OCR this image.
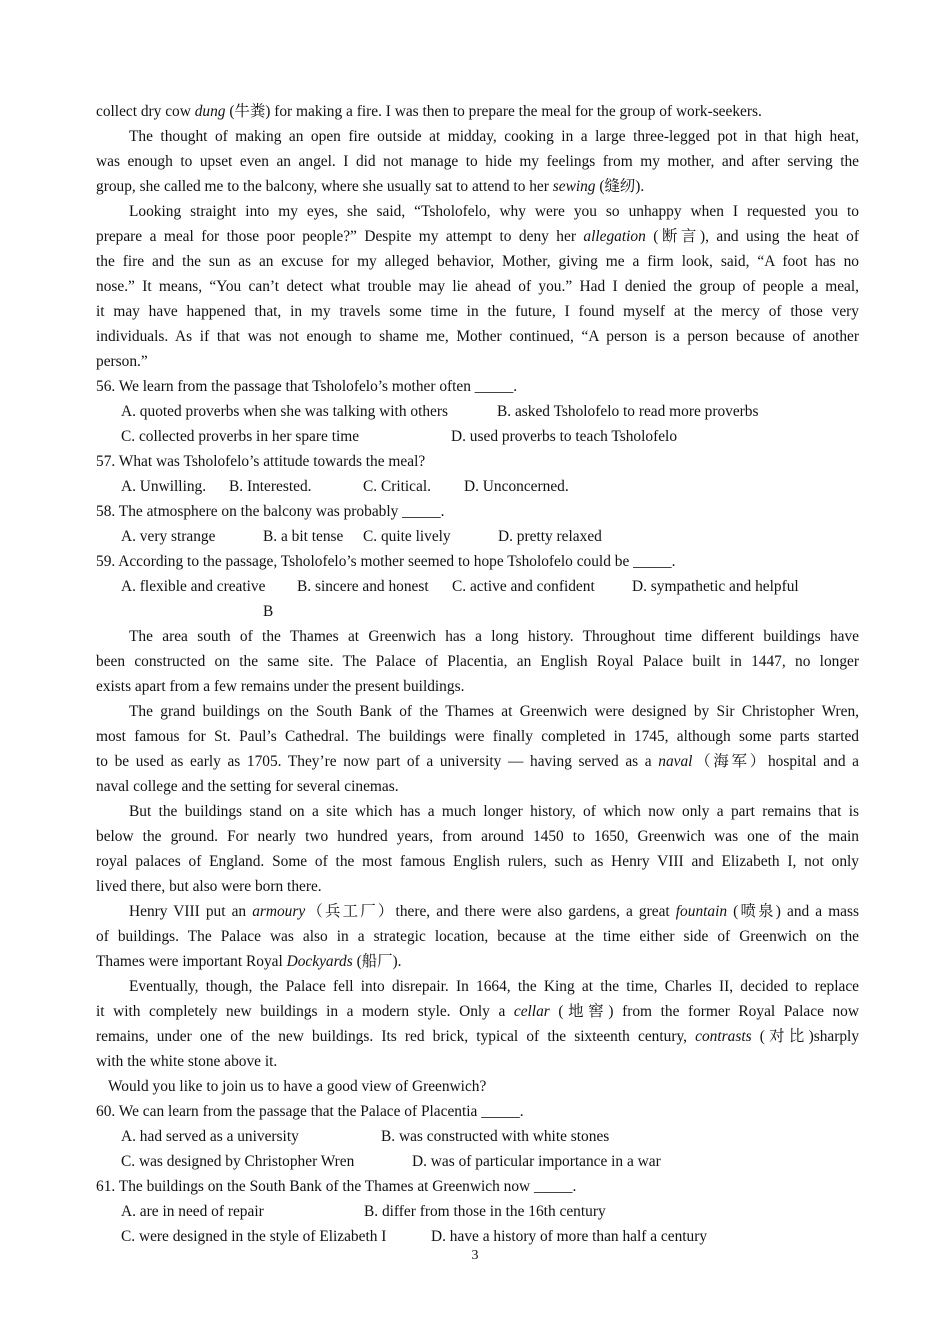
collect dry cow dung (牛粪) for making a fire. I was then to prepare the meal for the group of work-seekers.
The thought of making an open fire outside at midday, cooking in a large three-legged pot in that high heat,
was enough to upset even an angel. I did not manage to hide my feelings from my mother, and after serving the
group, she called me to the balcony, where she usually sat to attend to her sewing (缝纫).
Looking straight into my eyes, she said, “Tsholofelo, why were you so unhappy when I requested you to
prepare a meal for those poor people?” Despite my attempt to deny her allegation (断言), and using the heat of
the fire and the sun as an excuse for my alleged behavior, Mother, giving me a firm look, said, “A foot has no
nose.” It means, “You can’t detect what trouble may lie ahead of you.” Had I denied the group of people a meal,
it may have happened that, in my travels some time in the future, I found myself at the mercy of those very
individuals. As if that was not enough to shame me, Mother continued, “A person is a person because of another
person.”
56. We learn from the passage that Tsholofelo’s mother often _____.
A. quoted proverbs when she was talking with others	B. asked Tsholofelo to read more proverbs
C. collected proverbs in her spare time	D. used proverbs to teach Tsholofelo
57. What was Tsholofelo’s attitude towards the meal?
A. Unwilling. B. Interested.	C. Critical. D. Unconcerned.
58. The atmosphere on the balcony was probably _____.
A. very strange	B. a bit tense C. quite lively	D. pretty relaxed
59. According to the passage, Tsholofelo’s mother seemed to hope Tsholofelo could be _____.
A. flexible and creative B. sincere and honest C. active and confident D. sympathetic and helpful
B
The area south of the Thames at Greenwich has a long history. Throughout time different buildings have
been constructed on the same site. The Palace of Placentia, an English Royal Palace built in 1447, no longer
exists apart from a few remains under the present buildings.
The grand buildings on the South Bank of the Thames at Greenwich were designed by Sir Christopher Wren,
most famous for St. Paul’s Cathedral. The buildings were finally completed in 1745, although some parts started
to be used as early as 1705. They’re now part of a university — having served as a naval（海军）hospital and a
naval college and the setting for several cinemas.
But the buildings stand on a site which has a much longer history, of which now only a part remains that is
below the ground. For nearly two hundred years, from around 1450 to 1650, Greenwich was one of the main
royal palaces of England. Some of the most famous English rulers, such as Henry VIII and Elizabeth I, not only
lived there, but also were born there.
Henry VIII put an armoury（兵工厂）there, and there were also gardens, a great fountain (喷泉) and a mass
of buildings. The Palace was also in a strategic location, because at the time either side of Greenwich on the
Thames were important Royal Dockyards (船厂).
Eventually, though, the Palace fell into disrepair. In 1664, the King at the time, Charles II, decided to replace
it with completely new buildings in a modern style. Only a cellar (地窖) from the former Royal Palace now
remains, under one of the new buildings. Its red brick, typical of the sixteenth century, contrasts (对比)sharply
with the white stone above it.
Would you like to join us to have a good view of Greenwich?
60. We can learn from the passage that the Palace of Placentia _____.
A. had served as a university	B. was constructed with white stones
C. was designed by Christopher Wren	D. was of particular importance in a war
61. The buildings on the South Bank of the Thames at Greenwich now _____.
A. are in need of repair	B. differ from those in the 16th century
C. were designed in the style of Elizabeth I	D. have a history of more than half a century
3
